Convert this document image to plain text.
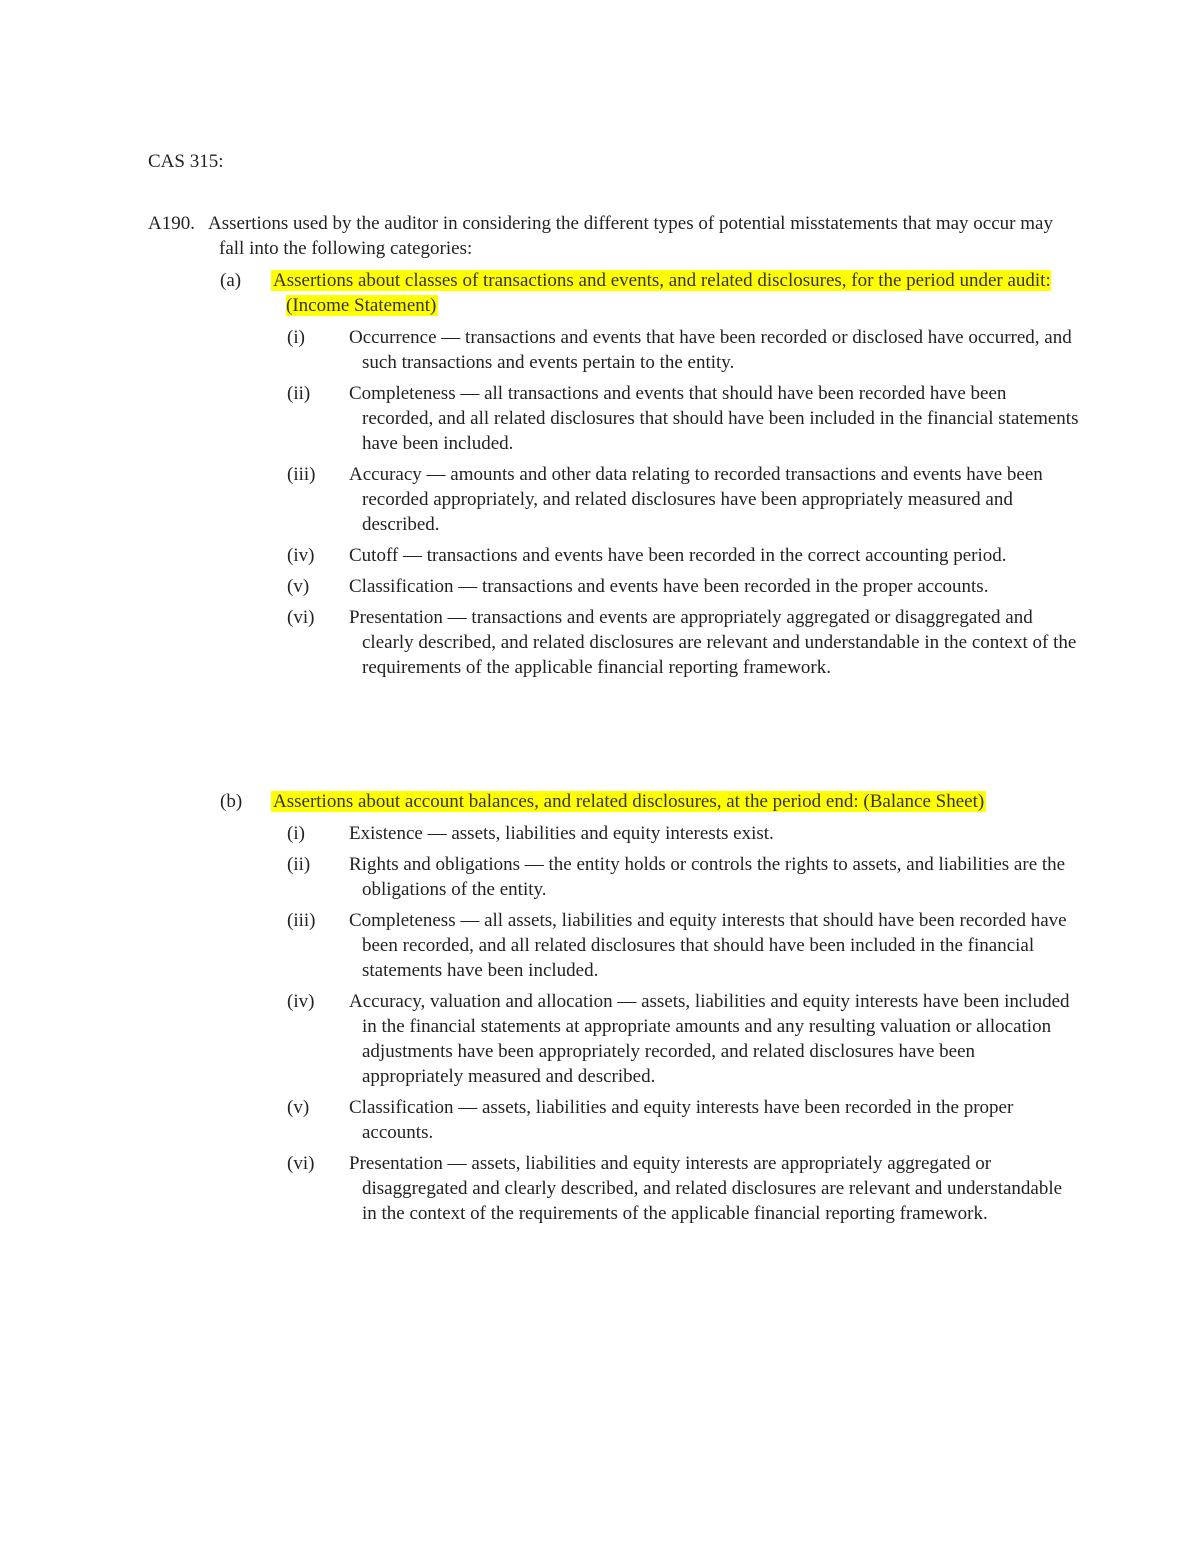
CAS 315:
A190. Assertions used by the auditor in considering the different types of potential misstatements that may occur may fall into the following categories:
(a) Assertions about classes of transactions and events, and related disclosures, for the period under audit: (Income Statement)
(i) Occurrence — transactions and events that have been recorded or disclosed have occurred, and such transactions and events pertain to the entity.
(ii) Completeness — all transactions and events that should have been recorded have been recorded, and all related disclosures that should have been included in the financial statements have been included.
(iii) Accuracy — amounts and other data relating to recorded transactions and events have been recorded appropriately, and related disclosures have been appropriately measured and described.
(iv) Cutoff — transactions and events have been recorded in the correct accounting period.
(v) Classification — transactions and events have been recorded in the proper accounts.
(vi) Presentation — transactions and events are appropriately aggregated or disaggregated and clearly described, and related disclosures are relevant and understandable in the context of the requirements of the applicable financial reporting framework.
(b) Assertions about account balances, and related disclosures, at the period end: (Balance Sheet)
(i) Existence — assets, liabilities and equity interests exist.
(ii) Rights and obligations — the entity holds or controls the rights to assets, and liabilities are the obligations of the entity.
(iii) Completeness — all assets, liabilities and equity interests that should have been recorded have been recorded, and all related disclosures that should have been included in the financial statements have been included.
(iv) Accuracy, valuation and allocation — assets, liabilities and equity interests have been included in the financial statements at appropriate amounts and any resulting valuation or allocation adjustments have been appropriately recorded, and related disclosures have been appropriately measured and described.
(v) Classification — assets, liabilities and equity interests have been recorded in the proper accounts.
(vi) Presentation — assets, liabilities and equity interests are appropriately aggregated or disaggregated and clearly described, and related disclosures are relevant and understandable in the context of the requirements of the applicable financial reporting framework.
